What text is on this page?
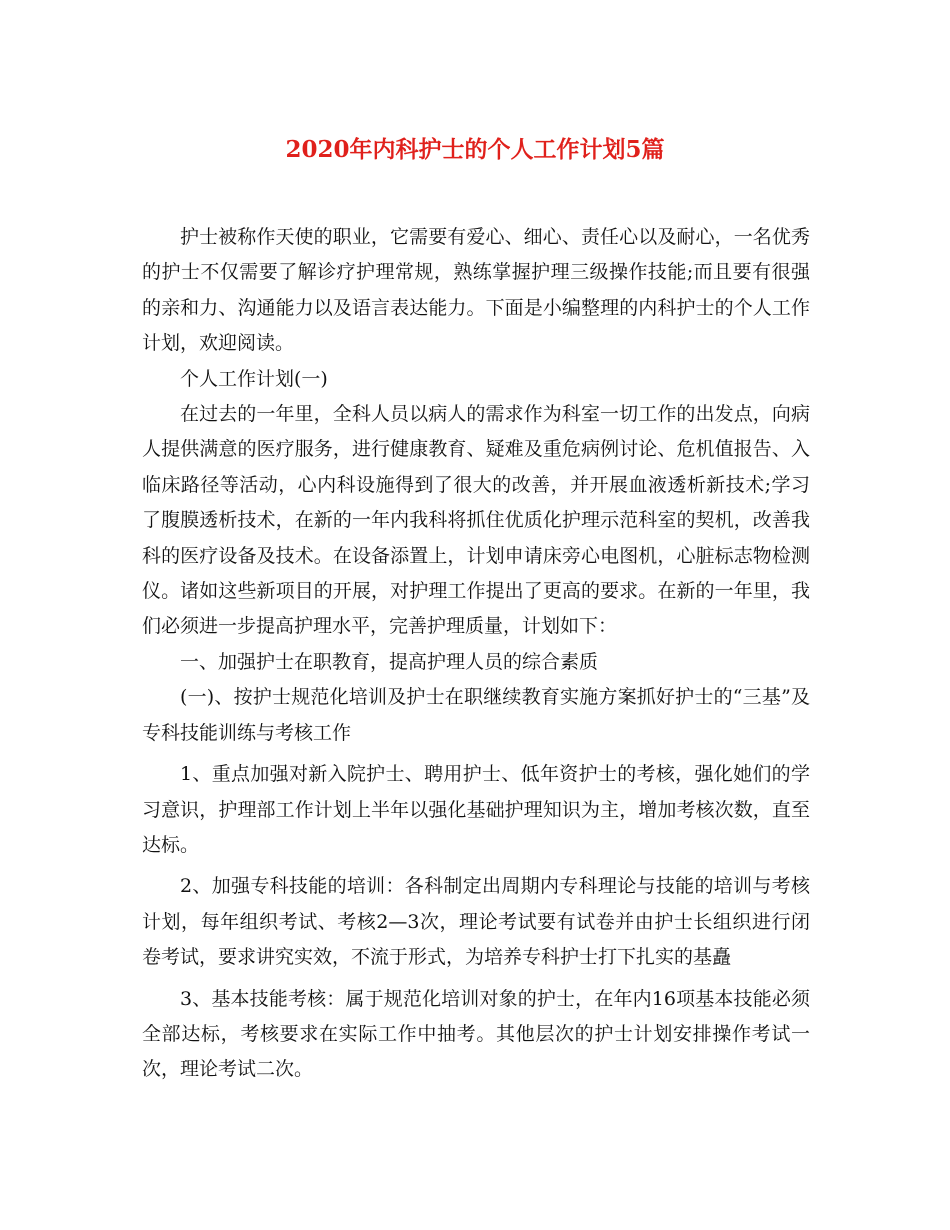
2020年内科护士的个人工作计划5篇

护士被称作天使的职业，它需要有爱心、细心、责任心以及耐心，一名优秀的护士不仅需要了解诊疗护理常规，熟练掌握护理三级操作技能;而且要有很强的亲和力、沟通能力以及语言表达能力。下面是小编整理的内科护士的个人工作计划，欢迎阅读。

个人工作计划(一)

在过去的一年里，全科人员以病人的需求作为科室一切工作的出发点，向病人提供满意的医疗服务，进行健康教育、疑难及重危病例讨论、危机值报告、入临床路径等活动，心内科设施得到了很大的改善，并开展血液透析新技术;学习了腹膜透析技术，在新的一年内我科将抓住优质化护理示范科室的契机，改善我科的医疗设备及技术。在设备添置上，计划申请床旁心电图机，心脏标志物检测仪。诸如这些新项目的开展，对护理工作提出了更高的要求。在新的一年里，我们必须进一步提高护理水平，完善护理质量，计划如下：

一、加强护士在职教育，提高护理人员的综合素质

(一)、按护士规范化培训及护士在职继续教育实施方案抓好护士的“三基”及专科技能训练与考核工作

1、重点加强对新入院护士、聘用护士、低年资护士的考核，强化她们的学习意识，护理部工作计划上半年以强化基础护理知识为主，增加考核次数，直至达标。

2、加强专科技能的培训：各科制定出周期内专科理论与技能的培训与考核计划，每年组织考试、考核2—3次，理论考试要有试卷并由护士长组织进行闭卷考试，要求讲究实效，不流于形式，为培养专科护士打下扎实的基矗

3、基本技能考核：属于规范化培训对象的护士，在年内16项基本技能必须全部达标，考核要求在实际工作中抽考。其他层次的护士计划安排操作考试一次，理论考试二次。
